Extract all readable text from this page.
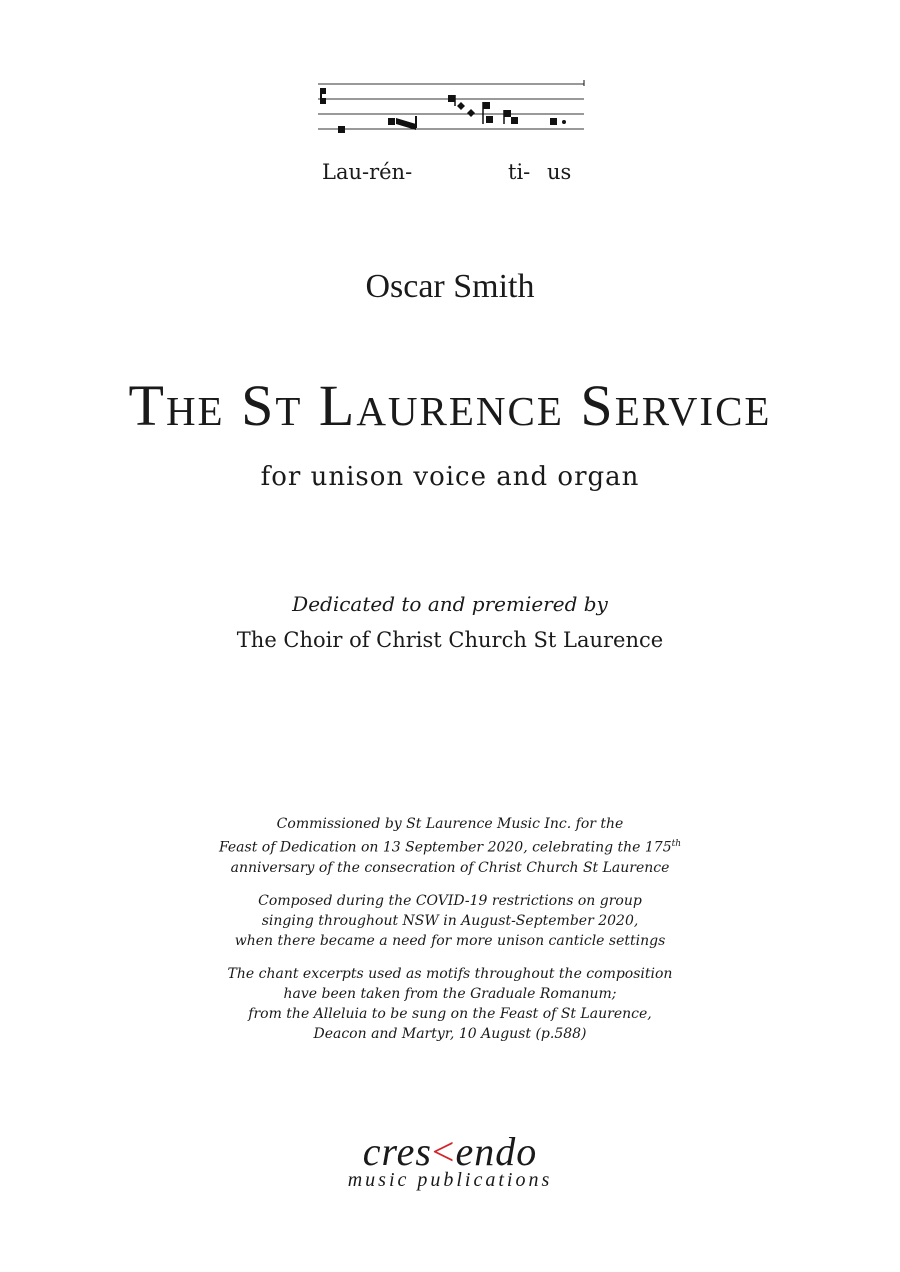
Lau-rén-	ti- us
Oscar Smith
The St Laurence Service
for unison voice and organ
Dedicated to and premiered by
The Choir of Christ Church St Laurence

Commissioned by St Laurence Music Inc. for the
Feast of Dedication on 13 September 2020, celebrating the 175th
anniversary of the consecration of Christ Church St Laurence

Composed during the COVID-19 restrictions on group
singing throughout NSW in August-September 2020,
when there became a need for more unison canticle settings

The chant excerpts used as motifs throughout the composition
have been taken from the Graduale Romanum;
from the Alleluia to be sung on the Feast of St Laurence,
Deacon and Martyr, 10 August (p.588)

cres<endo
music publications
